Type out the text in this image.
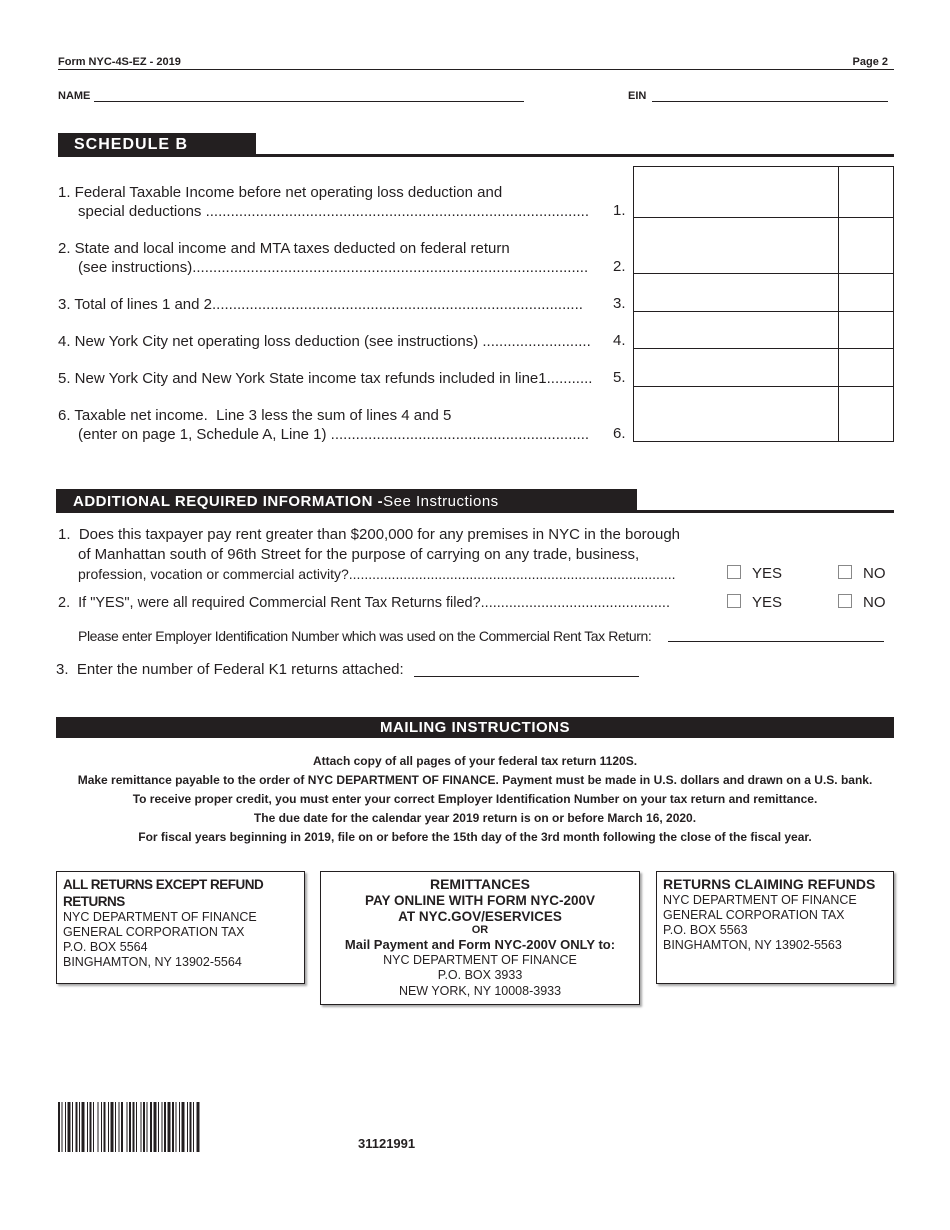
Form NYC-4S-EZ - 2019	Page 2
NAME	EIN
SCHEDULE B
1. Federal Taxable Income before net operating loss deduction and
special deductions ............................................................................................ 1.
2. State and local income and MTA taxes deducted on federal return
(see instructions)............................................................................................... 2.
3. Total of lines 1 and 2......................................................................................... 3.
4. New York City net operating loss deduction (see instructions) .......................... 4.
5. New York City and New York State income tax refunds included in line1........... 5.
6. Taxable net income.  Line 3 less the sum of lines 4 and 5
(enter on page 1, Schedule A, Line 1) .............................................................. 6.
ADDITIONAL REQUIRED INFORMATION - See Instructions
1.  Does this taxpayer pay rent greater than $200,000 for any premises in NYC in the borough
of Manhattan south of 96th Street for the purpose of carrying on any trade, business,
profession, vocation or commercial activity?....................................................................................	YES	NO
2.  If "YES", were all required Commercial Rent Tax Returns filed?...............................................	YES	NO
Please enter Employer Identification Number which was used on the Commercial Rent Tax Return:
3.  Enter the number of Federal K1 returns attached:
MAILING INSTRUCTIONS
Attach copy of all pages of your federal tax return 1120S.
Make remittance payable to the order of NYC DEPARTMENT OF FINANCE. Payment must be made in U.S. dollars and drawn on a U.S. bank.
To receive proper credit, you must enter your correct Employer Identification Number on your tax return and remittance.
The due date for the calendar year 2019 return is on or before March 16, 2020.
For fiscal years beginning in 2019, file on or before the 15th day of the 3rd month following the close of the fiscal year.
ALL RETURNS EXCEPT REFUND RETURNS
NYC DEPARTMENT OF FINANCE
GENERAL CORPORATION TAX
P.O. BOX 5564
BINGHAMTON, NY 13902-5564
REMITTANCES
PAY ONLINE WITH FORM NYC-200V
AT NYC.GOV/ESERVICES
OR
Mail Payment and Form NYC-200V ONLY to:
NYC DEPARTMENT OF FINANCE
P.O. BOX 3933
NEW YORK, NY 10008-3933
RETURNS CLAIMING REFUNDS
NYC DEPARTMENT OF FINANCE
GENERAL CORPORATION TAX
P.O. BOX 5563
BINGHAMTON, NY 13902-5563
31121991
